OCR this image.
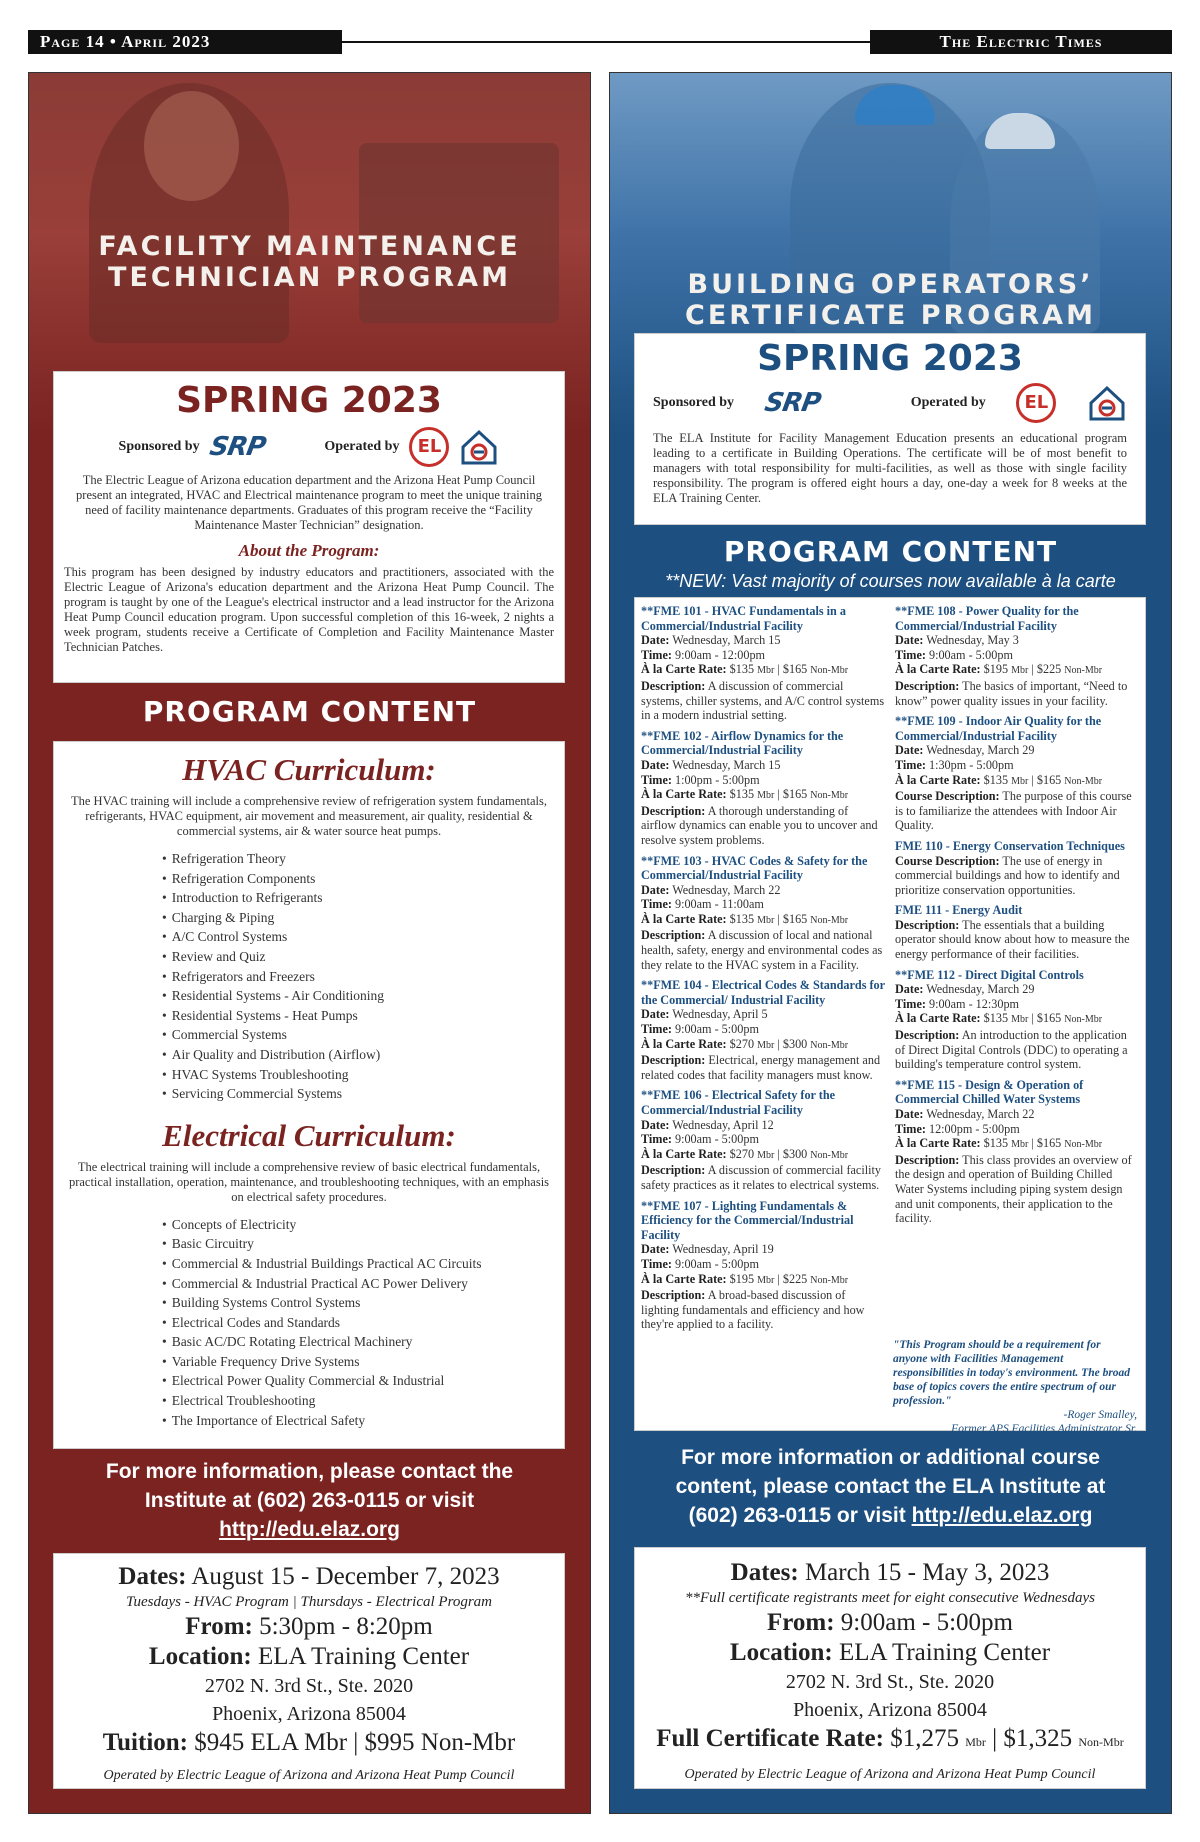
Page 14 • April 2023	The Electric Times
FACILITY MAINTENANCE
TECHNICIAN PROGRAM
SPRING 2023
Sponsored by SRP	Operated by	EL

The Electric League of Arizona education department and the Arizona Heat Pump Council present an integrated, HVAC and Electrical maintenance program to meet the unique training need of facility maintenance departments. Graduates of this program receive the “Facility Maintenance Master Technician” designation.

About the Program:

This program has been designed by industry educators and practitioners, associated with the Electric League of Arizona's education department and the Arizona Heat Pump Council. The program is taught by one of the League's electrical instructor and a lead instructor for the Arizona Heat Pump Council education program. Upon successful completion of this 16-week, 2 nights a week program, students receive a Certificate of Completion and Facility Maintenance Master Technician Patches.

PROGRAM CONTENT
HVAC Curriculum:

The HVAC training will include a comprehensive review of refrigeration system fundamentals, refrigerants, HVAC equipment, air movement and measurement, air quality, residential & commercial systems, air & water source heat pumps.

• Refrigeration Theory
• Refrigeration Components
• Introduction to Refrigerants
• Charging & Piping
• A/C Control Systems
• Review and Quiz
• Refrigerators and Freezers
• Residential Systems - Air Conditioning
• Residential Systems - Heat Pumps
• Commercial Systems
• Air Quality and Distribution (Airflow)
• HVAC Systems Troubleshooting
• Servicing Commercial Systems
Electrical Curriculum:

The electrical training will include a comprehensive review of basic electrical fundamentals, practical installation, operation, maintenance, and troubleshooting techniques, with an emphasis on electrical safety procedures.

• Concepts of Electricity
• Basic Circuitry
• Commercial & Industrial Buildings Practical AC Circuits
• Commercial & Industrial Practical AC Power Delivery
• Building Systems Control Systems
• Electrical Codes and Standards
• Basic AC/DC Rotating Electrical Machinery
• Variable Frequency Drive Systems
• Electrical Power Quality Commercial & Industrial
• Electrical Troubleshooting
• The Importance of Electrical Safety
For more information, please contact the
Institute at (602) 263-0115 or visit
http://edu.elaz.org
Dates: August 15 - December 7, 2023
Tuesdays - HVAC Program | Thursdays - Electrical Program
From: 5:30pm - 8:20pm
Location: ELA Training Center
2702 N. 3rd St., Ste. 2020
Phoenix, Arizona 85004
Tuition: $945 ELA Mbr | $995 Non-Mbr
Operated by Electric League of Arizona and Arizona Heat Pump Council
BUILDING OPERATORS’
CERTIFICATE PROGRAM
SPRING 2023
Sponsored by SRP	Operated by	EL

The ELA Institute for Facility Management Education presents an educational program leading to a certificate in Building Operations. The certificate will be of most benefit to managers with total responsibility for multi-facilities, as well as those with single facility responsibility. The program is offered eight hours a day, one-day a week for 8 weeks at the ELA Training Center.

PROGRAM CONTENT
**NEW: Vast majority of courses now available à la carte
**FME 101 - HVAC Fundamentals in a Commercial/Industrial Facility
Date: Wednesday, March 15
Time: 9:00am - 12:00pm
À la Carte Rate: $135 Mbr | $165 Non-Mbr
Description: A discussion of commercial systems, chiller systems, and A/C control systems in a modern industrial setting.
**FME 102 - Airflow Dynamics for the Commercial/Industrial Facility
Date: Wednesday, March 15
Time: 1:00pm - 5:00pm
À la Carte Rate: $135 Mbr | $165 Non-Mbr
Description: A thorough understanding of airflow dynamics can enable you to uncover and resolve system problems.
**FME 103 - HVAC Codes & Safety for the Commercial/Industrial Facility
Date: Wednesday, March 22
Time: 9:00am - 11:00am
À la Carte Rate: $135 Mbr | $165 Non-Mbr
Description: A discussion of local and national health, safety, energy and environmental codes as they relate to the HVAC system in a Facility.
**FME 104 - Electrical Codes & Standards for the Commercial/ Industrial Facility
Date: Wednesday, April 5
Time: 9:00am - 5:00pm
À la Carte Rate: $270 Mbr | $300 Non-Mbr
Description: Electrical, energy management and related codes that facility managers must know.
**FME 106 - Electrical Safety for the Commercial/Industrial Facility
Date: Wednesday, April 12
Time: 9:00am - 5:00pm
À la Carte Rate: $270 Mbr | $300 Non-Mbr
Description: A discussion of commercial facility safety practices as it relates to electrical systems.
**FME 107 - Lighting Fundamentals & Efficiency for the Commercial/Industrial Facility
Date: Wednesday, April 19
Time: 9:00am - 5:00pm
À la Carte Rate: $195 Mbr | $225 Non-Mbr
Description: A broad-based discussion of lighting fundamentals and efficiency and how they're applied to a facility.
**FME 108 - Power Quality for the Commercial/Industrial Facility
Date: Wednesday, May 3
Time: 9:00am - 5:00pm
À la Carte Rate: $195 Mbr | $225 Non-Mbr
Description: The basics of important, “Need to know” power quality issues in your facility.
**FME 109 - Indoor Air Quality for the Commercial/Industrial Facility
Date: Wednesday, March 29
Time: 1:30pm - 5:00pm
À la Carte Rate: $135 Mbr | $165 Non-Mbr
Course Description: The purpose of this course is to familiarize the attendees with Indoor Air Quality.
FME 110 - Energy Conservation Techniques
Course Description: The use of energy in commercial buildings and how to identify and prioritize conservation opportunities.
FME 111 - Energy Audit
Description: The essentials that a building operator should know about how to measure the energy performance of their facilities.
**FME 112 - Direct Digital Controls
Date: Wednesday, March 29
Time: 9:00am - 12:30pm
À la Carte Rate: $135 Mbr | $165 Non-Mbr
Description: An introduction to the application of Direct Digital Controls (DDC) to operating a building's temperature control system.
**FME 115 - Design & Operation of Commercial Chilled Water Systems
Date: Wednesday, March 22
Time: 12:00pm - 5:00pm
À la Carte Rate: $135 Mbr | $165 Non-Mbr
Description: This class provides an overview of the design and operation of Building Chilled Water Systems including piping system design and unit components, their application to the facility.
"This Program should be a requirement for anyone with Facilities Management responsibilities in today's environment. The broad base of topics covers the entire spectrum of our profession."
-Roger Smalley,
Former APS Facilities Administrator Sr.
For more information or additional course
content, please contact the ELA Institute at
(602) 263-0115 or visit http://edu.elaz.org
Dates: March 15 - May 3, 2023
**Full certificate registrants meet for eight consecutive Wednesdays
From: 9:00am - 5:00pm
Location: ELA Training Center
2702 N. 3rd St., Ste. 2020
Phoenix, Arizona 85004
Full Certificate Rate: $1,275 Mbr | $1,325 Non-Mbr
Operated by Electric League of Arizona and Arizona Heat Pump Council
